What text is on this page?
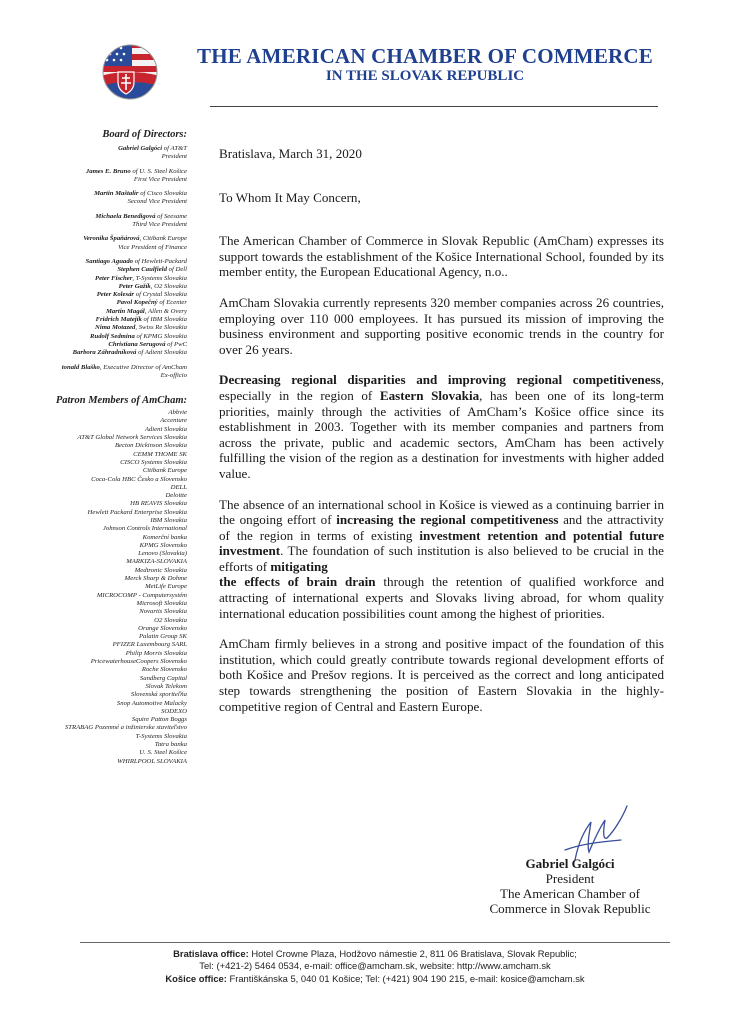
THE AMERICAN CHAMBER OF COMMERCE
IN THE SLOVAK REPUBLIC
Board of Directors:
Gabriel Galgóci of AT&T
President
James E. Bruno of U. S. Steel Košice
First Vice President
Martin Maštalír of Cisco Slovakia
Second Vice President
Michaela Benedigová of Seesame
Third Vice President
Veronika Špaňárová, Citibank Europe
Vice President of Finance
Santiago Aguado of Hewlett-Packard
Stephen Caulfield of Dell
Peter Fischer, T-Systems Slovakia
Peter Gažík, O2 Slovakia
Peter Kolesár of Crystal Slovakia
Pavol Kopečný of Ecenter
Martin Magál, Allen & Overy
Fridrich Matejík of IBM Slovakia
Nima Motazed, Swiss Re Slovakia
Rudolf Sedmina of KPMG Slovakia
Christiana Serugová of PwC
Barbora Záhradníková of Adient Slovakia
tonald Blaško, Executive Director of AmCham
Ex-officio
Patron Members of AmCham:
Abbvie
Accenture
Adient Slovakia
AT&T Global Network Services Slovakia
Becton Dickinson Slovakia
CEMM THOME SK
CISCO Systems Slovakia
Citibank Europe
Coca-Cola HBC Česko a Slovensko
DELL
Deloitte
HB REAVIS Slovakia
Hewlett Packard Enterprise Slovakia
IBM Slovakia
Johnson Controls International
Komerční banka
KPMG Slovensko
Lenovo (Slovakia)
MARKIZA-SLOVAKIA
Medtronic Slovakia
Merck Sharp & Dohme
MetLife Europe
MICROCOMP - Computersystém
Microsoft Slovakia
Novartis Slovakia
O2 Slovakia
Orange Slovensko
Palatin Group SK
PFIZER Luxembourg SARL
Philip Morris Slovakia
PricewaterhouseCoopers Slovensko
Roche Slovensko
Sandberg Capital
Slovak Telekom
Slovenská sporiteľňa
Snop Automotive Malacky
SODEXO
Squire Patton Boggs
STRABAG Pozemné a inžinierske staviteľstvo
T-Systems Slovakia
Tatra banka
U. S. Steel Košice
WHIRLPOOL SLOVAKIA

Bratislava, March 31, 2020

To Whom It May Concern,

The American Chamber of Commerce in Slovak Republic (AmCham) expresses its support towards the establishment of the Košice International School, founded by its member entity, the European Educational Agency, n.o..

AmCham Slovakia currently represents 320 member companies across 26 countries, employing over 110 000 employees. It has pursued its mission of improving the business environment and supporting positive economic trends in the country for over 26 years.

Decreasing regional disparities and improving regional competitiveness, especially in the region of Eastern Slovakia, has been one of its long-term priorities, mainly through the activities of AmCham’s Košice office since its establishment in 2003. Together with its member companies and partners from across the private, public and academic sectors, AmCham has been actively fulfilling the vision of the region as a destination for investments with higher added value.

The absence of an international school in Košice is viewed as a continuing barrier in the ongoing effort of increasing the regional competitiveness and the attractivity of the region in terms of existing investment retention and potential future investment. The foundation of such institution is also believed to be crucial in the efforts of mitigating
the effects of brain drain through the retention of qualified workforce and attracting of international experts and Slovaks living abroad, for whom quality international education possibilities count among the highest of priorities.

AmCham firmly believes in a strong and positive impact of the foundation of this institution, which could greatly contribute towards regional development efforts of both Košice and Prešov regions. It is perceived as the correct and long anticipated step towards strengthening the position of Eastern Slovakia in the highly-competitive region of Central and Eastern Europe.

Gabriel Galgóci
President
The American Chamber of
Commerce in Slovak Republic
Bratislava office: Hotel Crowne Plaza, Hodžovo námestie 2, 811 06 Bratislava, Slovak Republic;
Tel: (+421-2) 5464 0534, e-mail: office@amcham.sk, website: http://www.amcham.sk
Košice office: Františkánska 5, 040 01 Košice; Tel: (+421) 904 190 215, e-mail: kosice@amcham.sk
